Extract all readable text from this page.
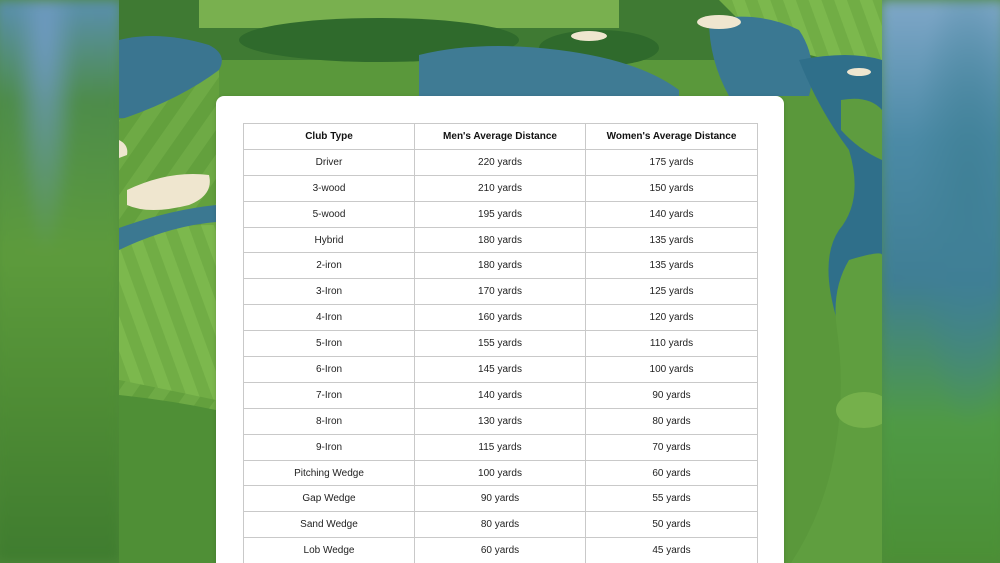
Club Type	Men's Average Distance	Women's Average Distance
Driver	220 yards	175 yards
3-wood	210 yards	150 yards
5-wood	195 yards	140 yards
Hybrid	180 yards	135 yards
2-iron	180 yards	135 yards
3-Iron	170 yards	125 yards
4-Iron	160 yards	120 yards
5-Iron	155 yards	110 yards
6-Iron	145 yards	100 yards
7-Iron	140 yards	90 yards
8-Iron	130 yards	80 yards
9-Iron	115 yards	70 yards
Pitching Wedge	100 yards	60 yards
Gap Wedge	90 yards	55 yards
Sand Wedge	80 yards	50 yards
Lob Wedge	60 yards	45 yards
